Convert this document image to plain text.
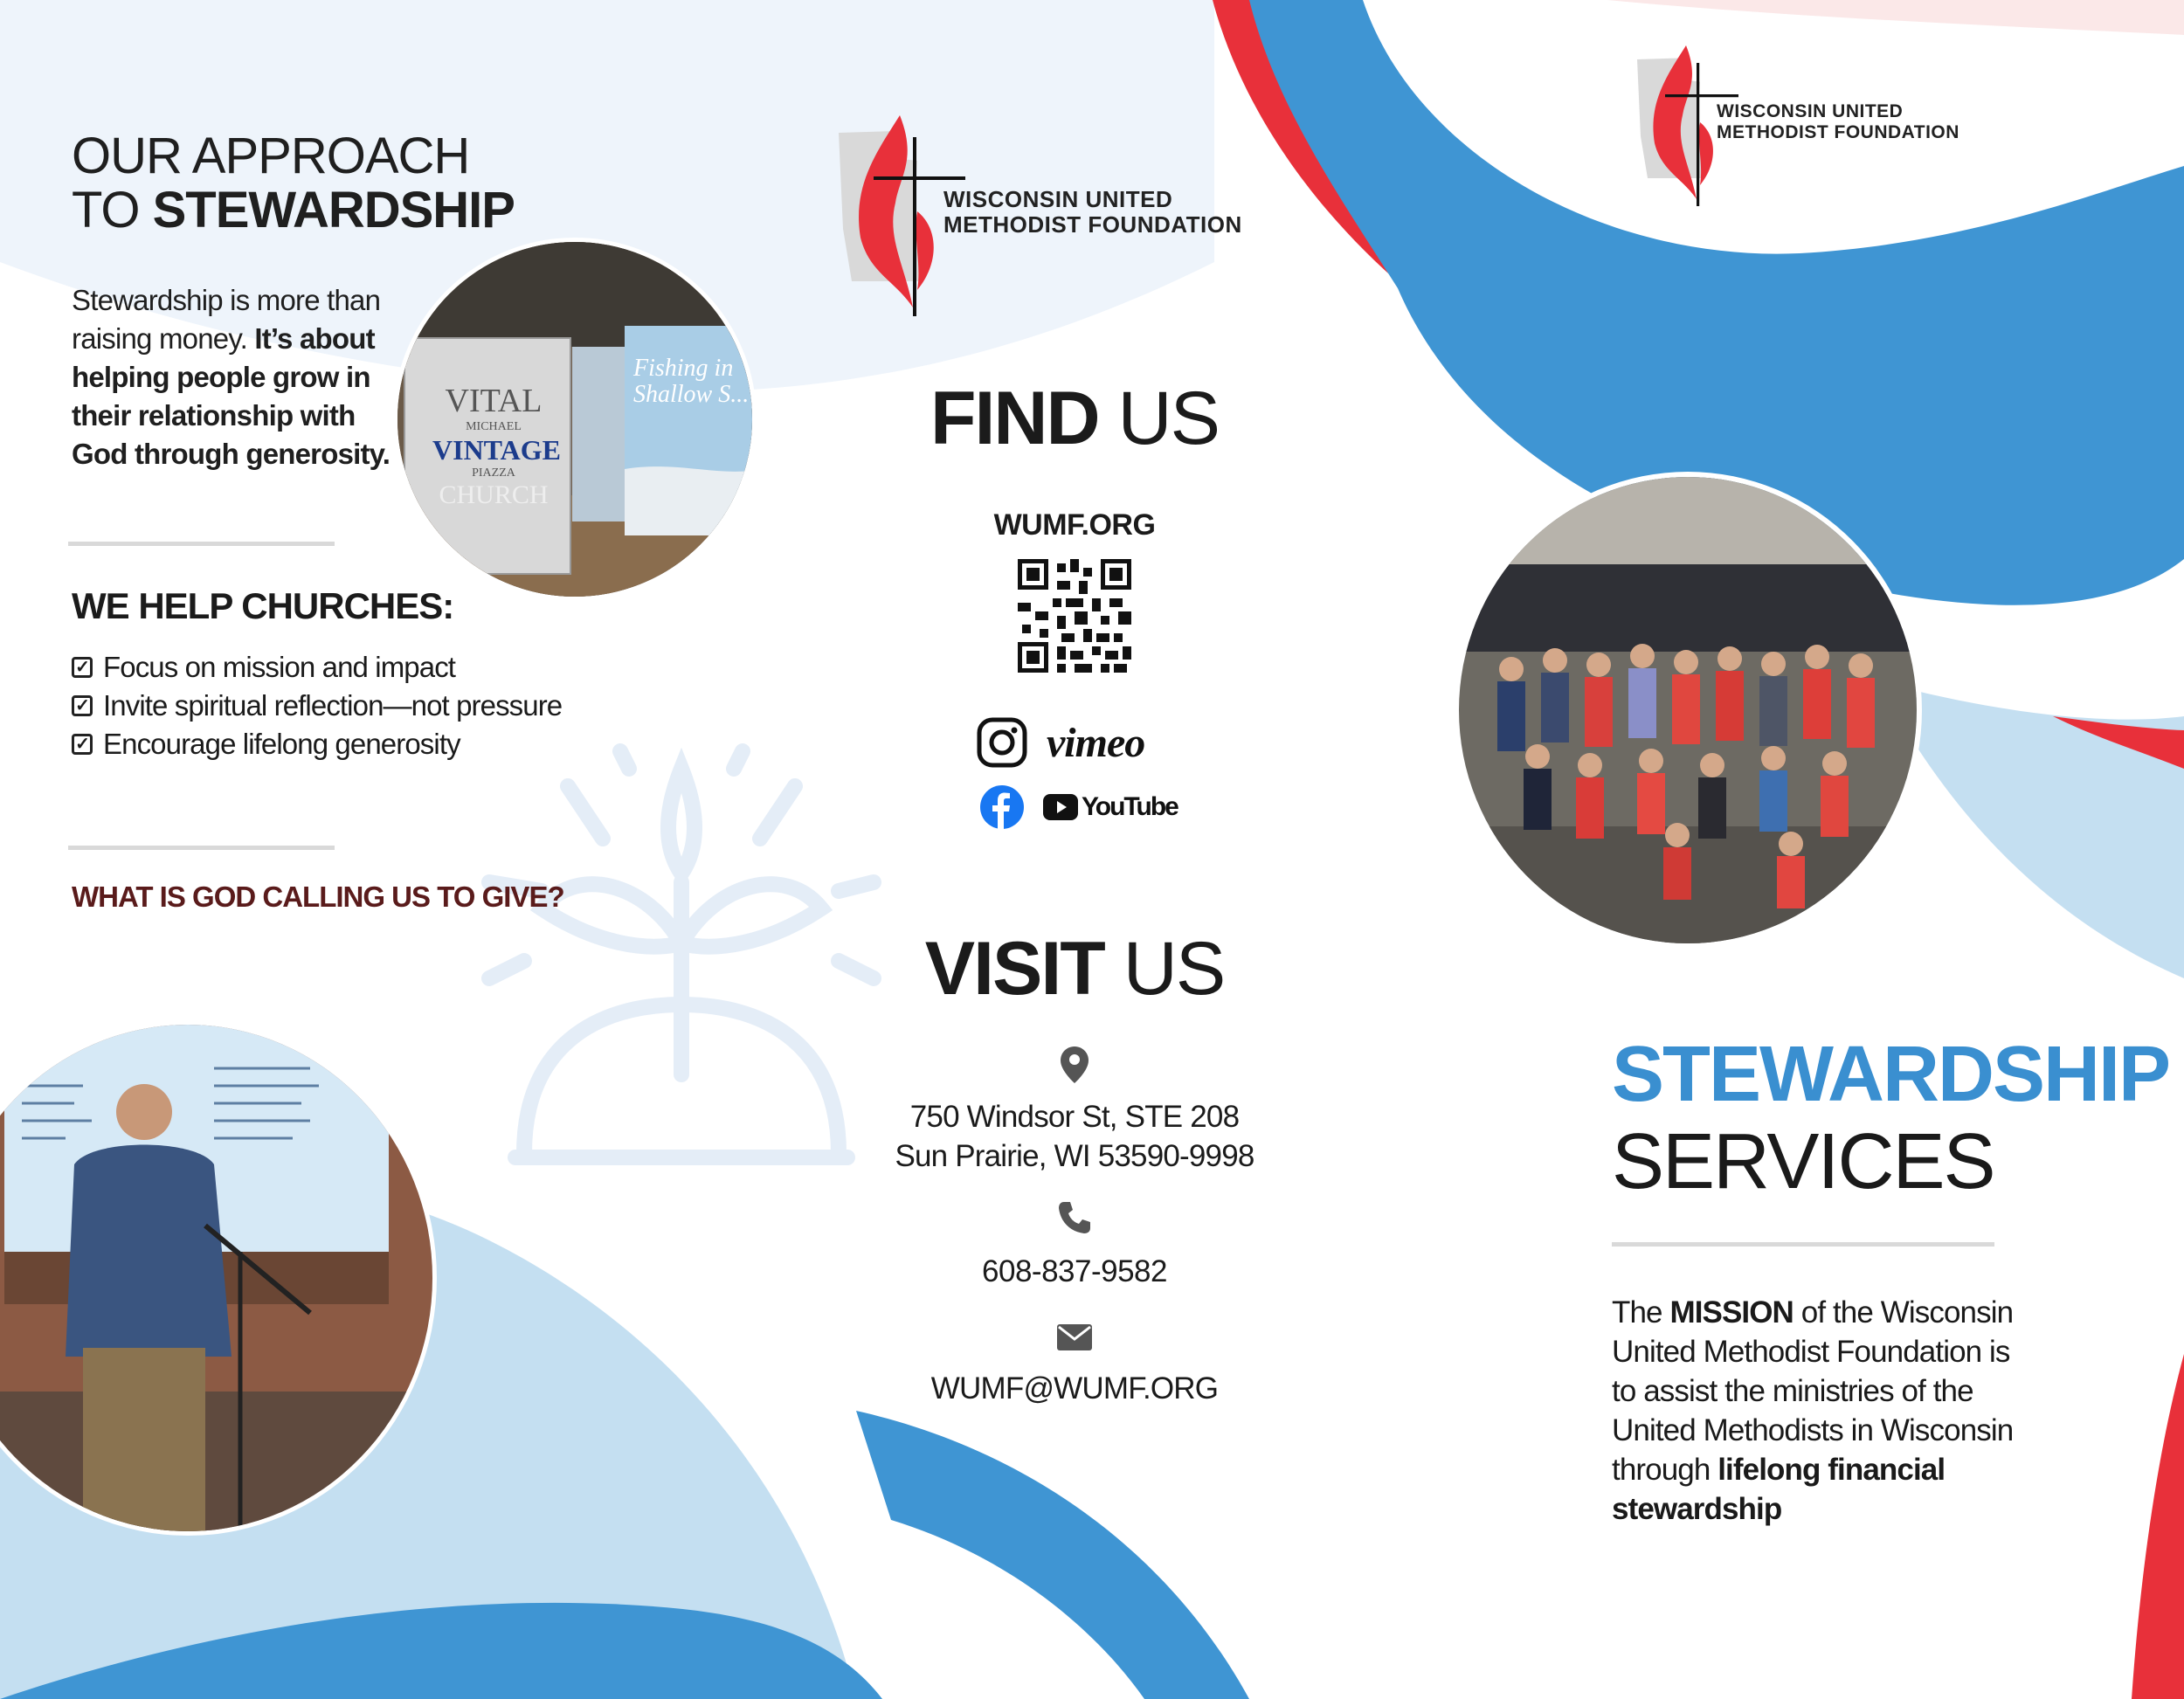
OUR APPROACH
TO STEWARDSHIP
Stewardship is more than raising money. It’s about helping people grow in their relationship with God through generosity.
VITAL
MICHAEL
VINTAGE
PIAZZA
CHURCH
Fishing in Shallow S...
WE HELP CHURCHES:
✓ Focus on mission and impact
✓ Invite spiritual reflection—not pressure
✓ Encourage lifelong generosity
WHAT IS GOD CALLING US TO GIVE?
WISCONSIN UNITED
METHODIST FOUNDATION
FIND US
WUMF.ORG
vimeo
YouTube
VISIT US
750 Windsor St, STE 208
Sun Prairie, WI 53590-9998
608-837-9582
WUMF@WUMF.ORG
WISCONSIN UNITED
METHODIST FOUNDATION
STEWARDSHIP
SERVICES
The MISSION of the Wisconsin United Methodist Foundation is to assist the ministries of the United Methodists in Wisconsin through lifelong financial stewardship
